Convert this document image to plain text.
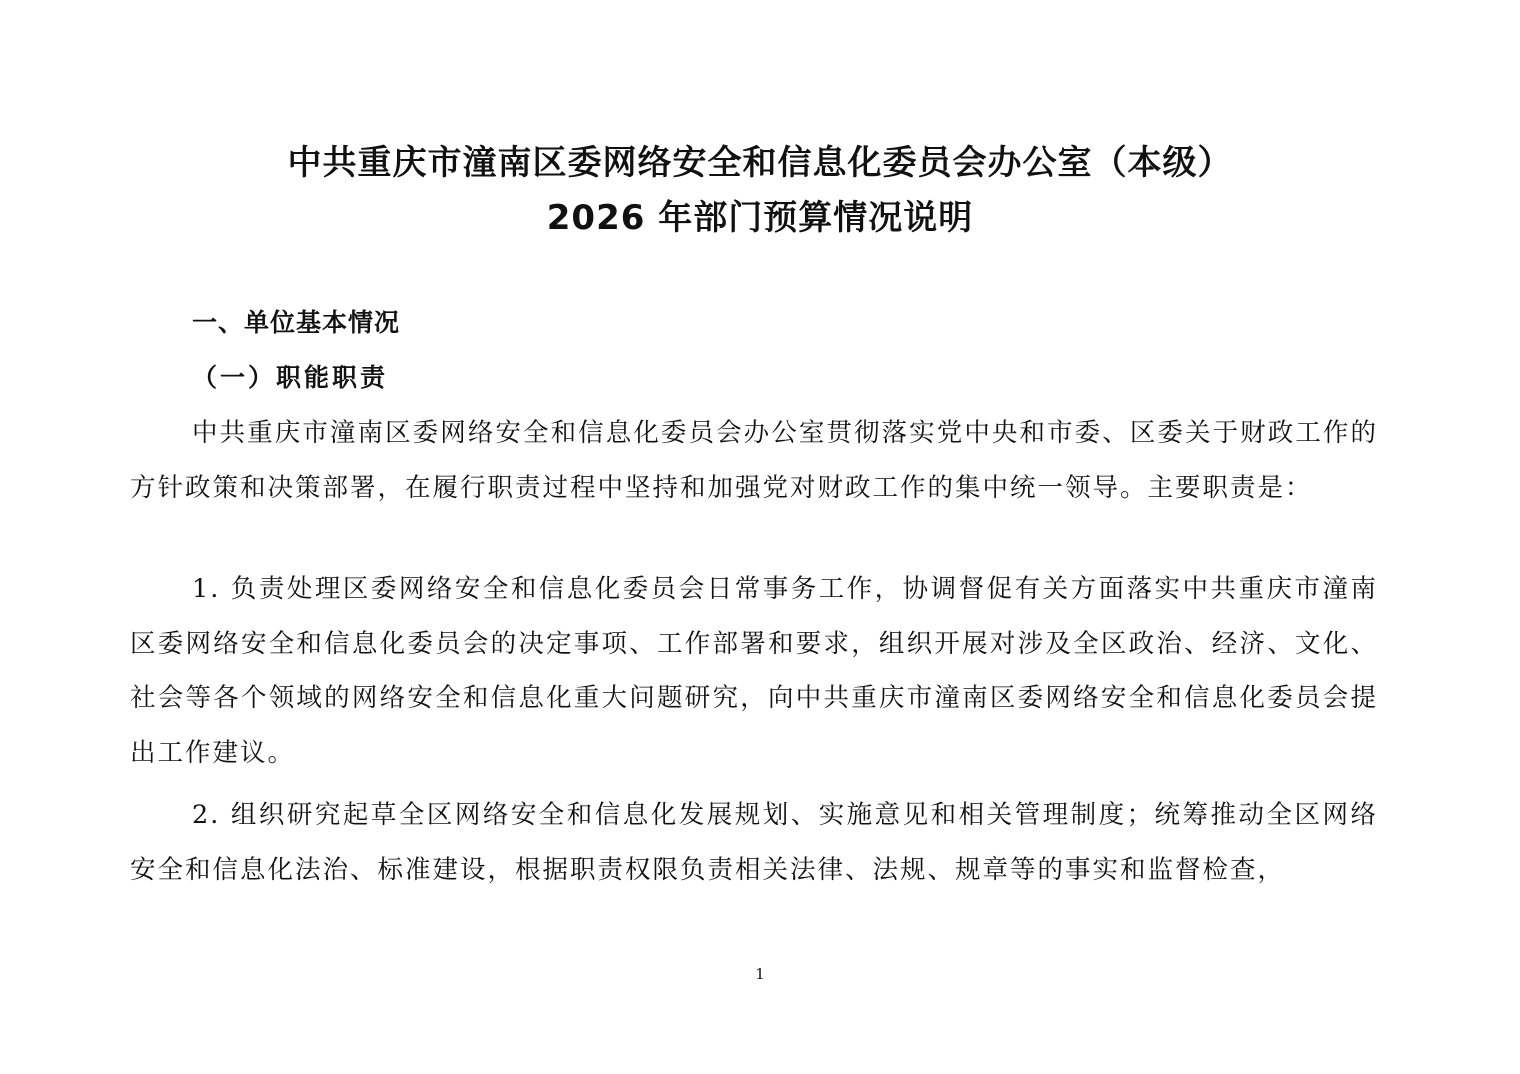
中共重庆市潼南区委网络安全和信息化委员会办公室（本级）
2026 年部门预算情况说明
一、单位基本情况
（一）职能职责

中共重庆市潼南区委网络安全和信息化委员会办公室贯彻落实党中央和市委、区委关于财政工作的方针政策和决策部署，在履行职责过程中坚持和加强党对财政工作的集中统一领导。主要职责是：

1. 负责处理区委网络安全和信息化委员会日常事务工作，协调督促有关方面落实中共重庆市潼南区委网络安全和信息化委员会的决定事项、工作部署和要求，组织开展对涉及全区政治、经济、文化、社会等各个领域的网络安全和信息化重大问题研究，向中共重庆市潼南区委网络安全和信息化委员会提出工作建议。

2. 组织研究起草全区网络安全和信息化发展规划、实施意见和相关管理制度；统筹推动全区网络安全和信息化法治、标准建设，根据职责权限负责相关法律、法规、规章等的事实和监督检查，

1
